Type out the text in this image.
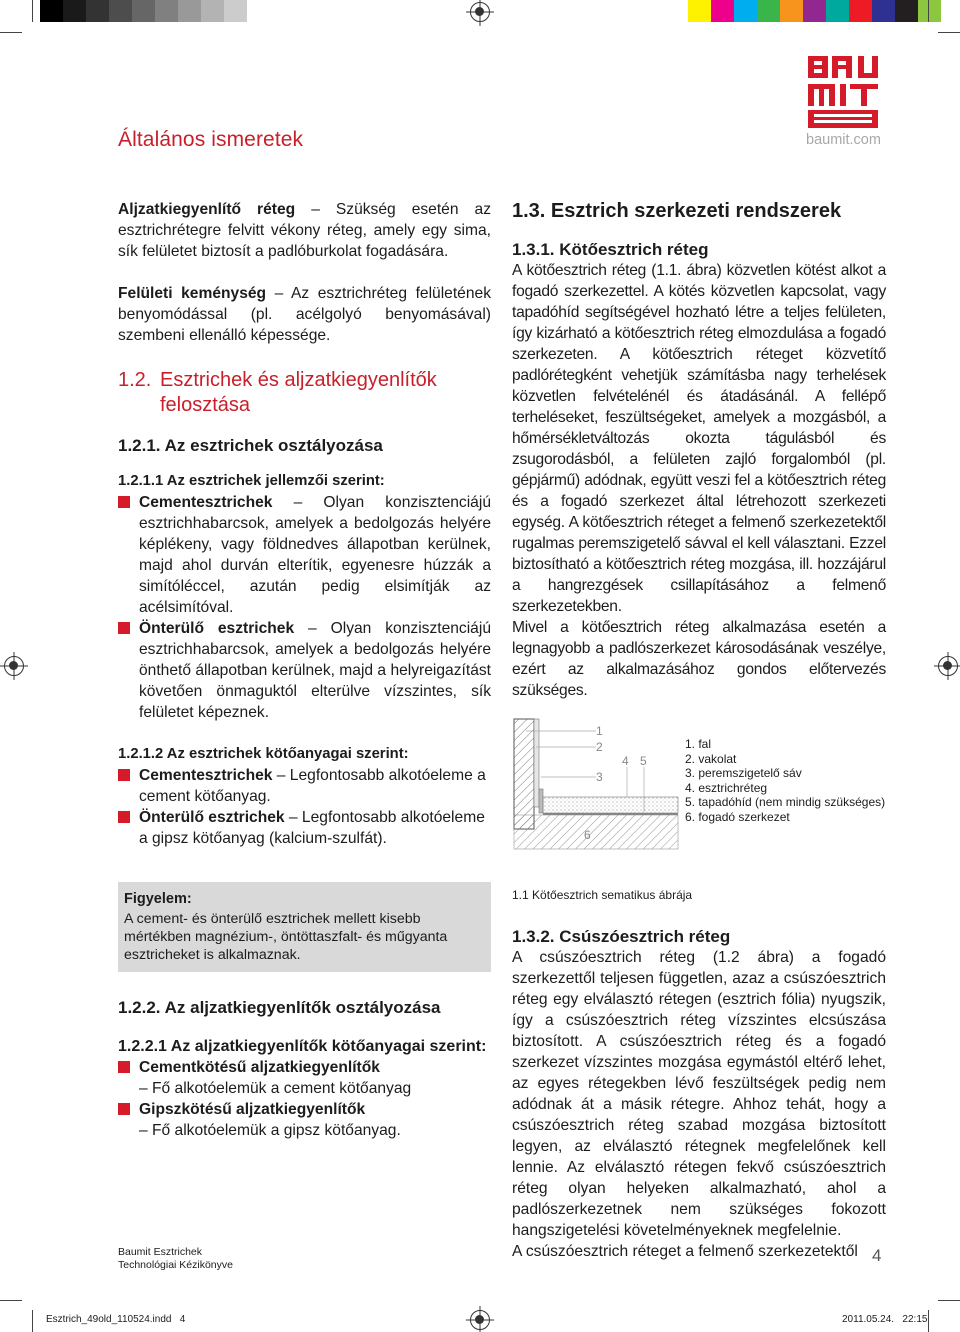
Általános ismeretek	baumit.com
Aljzatkiegyenlítő réteg – Szükség esetén az esztrichrétegre felvitt vékony réteg, amely egy sima, sík felületet biztosít a padlóburkolat fogadására.
Felületi keménység – Az esztrichréteg felületének benyomódással (pl. acélgolyó benyomásával) szembeni ellenálló képessége.
1.2. Esztrichek és aljzatkiegyenlítők felosztása
1.2.1. Az esztrichek osztályozása
1.2.1.1 Az esztrichek jellemzői szerint:
Cementesztrichek – Olyan konzisztenciájú esztrichhabarcsok, amelyek a bedolgozás helyére képlékeny, vagy földnedves állapotban kerülnek, majd ahol durván elterítik, egyenesre húzzák a simítóléccel, azután pedig elsimítják az acélsimítóval.
Önterülő esztrichek – Olyan konzisztenciájú esztrichhabarcsok, amelyek a bedolgozás helyére önthető állapotban kerülnek, majd a helyreigazítást követően önmaguktól elterülve vízszintes, sík felületet képeznek.
1.2.1.2 Az esztrichek kötőanyagai szerint:
Cementesztrichek – Legfontosabb alkotóeleme a cement kötőanyag.
Önterülő esztrichek – Legfontosabb alkotóeleme a gipsz kötőanyag (kalcium-szulfát).
Figyelem:
A cement- és önterülő esztrichek mellett kisebb mértékben magnézium-, öntöttaszfalt- és műgyanta esztricheket is alkalmaznak.
1.2.2. Az aljzatkiegyenlítők osztályozása
1.2.2.1 Az aljzatkiegyenlítők kötőanyagai szerint:
Cementkötésű aljzatkiegyenlítők
– Fő alkotóelemük a cement kötőanyag
Gipszkötésű aljzatkiegyenlítők
– Fő alkotóelemük a gipsz kötőanyag.
1.3. Esztrich szerkezeti rendszerek
1.3.1. Kötőesztrich réteg
A kötőesztrich réteg (1.1. ábra) közvetlen kötést alkot a fogadó szerkezettel. A kötés közvetlen kapcsolat, vagy tapadóhíd segítségével hozható létre a teljes felületen, így kizárható a kötőesztrich réteg elmozdulása a fogadó szerkezeten. A kötőesztrich réteget közvetítő padlórétegként vehetjük számításba nagy terhelések közvetlen felvételénél és átadásánál. A fellépő terheléseket, feszültségeket, amelyek a mozgásból, a hőmérsékletváltozás okozta tágulásból és zsugorodásból, a felületen zajló forgalomból (pl. gépjármű) adódnak, együtt veszi fel a kötőesztrich réteg és a fogadó szerkezet által létrehozott szerkezeti egység. A kötőesztrich réteget a felmenő szerkezetektől rugalmas peremszigetelő sávval el kell választani. Ezzel biztosítható a kötőesztrich réteg mozgása, ill. hozzájárul a hangrezgések csillapításához a felmenő szerkezetekben.
Mivel a kötőesztrich réteg alkalmazása esetén a legnagyobb a padlószerkezet károsodásának veszélye, ezért az alkalmazásához gondos előtervezés szükséges.
1
2
3
4 5
6
1. fal
2. vakolat
3. peremszigetelő sáv
4. esztrichréteg
5. tapadóhíd (nem mindig szükséges)
6. fogadó szerkezet
1.1 Kötőesztrich sematikus ábrája
1.3.2. Csúszóesztrich réteg
A csúszóesztrich réteg (1.2 ábra) a fogadó szerkezettől teljesen független, azaz a csúszóesztrich réteg egy elválasztó rétegen (esztrich fólia) nyugszik, így a csúszóesztrich réteg vízszintes elcsúszása biztosított. A csúszóesztrich réteg és a fogadó szerkezet vízszintes mozgása egymástól eltérő lehet, az egyes rétegekben lévő feszültségek pedig nem adódnak át a másik rétegre. Ahhoz tehát, hogy a csúszóesztrich réteg szabad mozgása biztosított legyen, az elválasztó rétegnek megfelelőnek kell lennie. Az elválasztó rétegen fekvő csúszóesztrich réteg olyan helyeken alkalmazható, ahol a padlószerkezetnek nem szükséges fokozott hangszigetelési követelményeknek megfelelnie.
A csúszóesztrich réteget a felmenő szerkezetektől
Baumit Esztrichek
Technológiai Kézikönyve	4
Esztrich_49old_110524.indd   4	2011.05.24.   22:15
